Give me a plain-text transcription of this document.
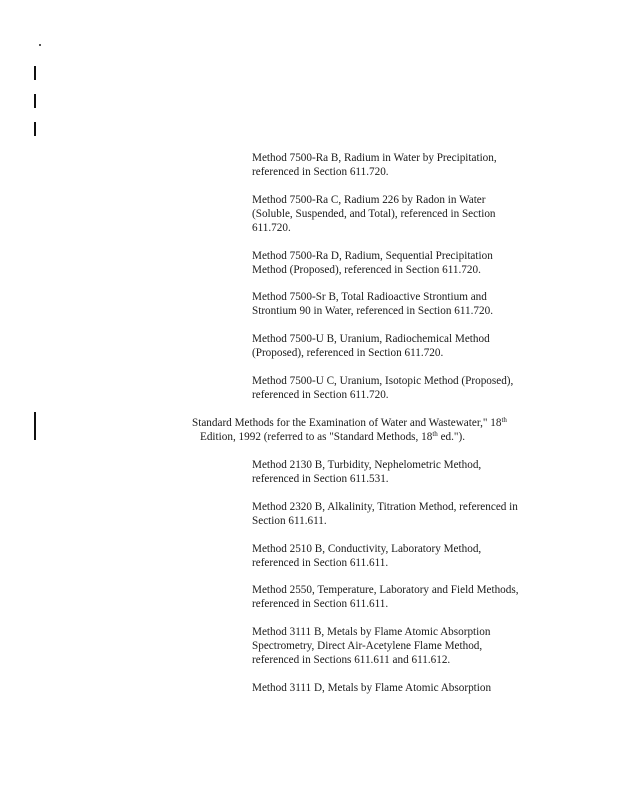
Method 7500-Ra B, Radium in Water by Precipitation,
referenced in Section 611.720.
Method 7500-Ra C, Radium 226 by Radon in Water
(Soluble, Suspended, and Total), referenced in Section
611.720.
Method 7500-Ra D, Radium, Sequential Precipitation
Method (Proposed), referenced in Section 611.720.
Method 7500-Sr B, Total Radioactive Strontium and
Strontium 90 in Water, referenced in Section 611.720.
Method 7500-U B, Uranium, Radiochemical Method
(Proposed), referenced in Section 611.720.
Method 7500-U C, Uranium, Isotopic Method (Proposed),
referenced in Section 611.720.
Standard Methods for the Examination of Water and Wastewater," 18th
Edition, 1992 (referred to as "Standard Methods, 18th ed.").
Method 2130 B, Turbidity, Nephelometric Method,
referenced in Section 611.531.
Method 2320 B, Alkalinity, Titration Method, referenced in
Section 611.611.
Method 2510 B, Conductivity, Laboratory Method,
referenced in Section 611.611.
Method 2550, Temperature, Laboratory and Field Methods,
referenced in Section 611.611.
Method 3111 B, Metals by Flame Atomic Absorption
Spectrometry, Direct Air-Acetylene Flame Method,
referenced in Sections 611.611 and 611.612.
Method 3111 D, Metals by Flame Atomic Absorption
